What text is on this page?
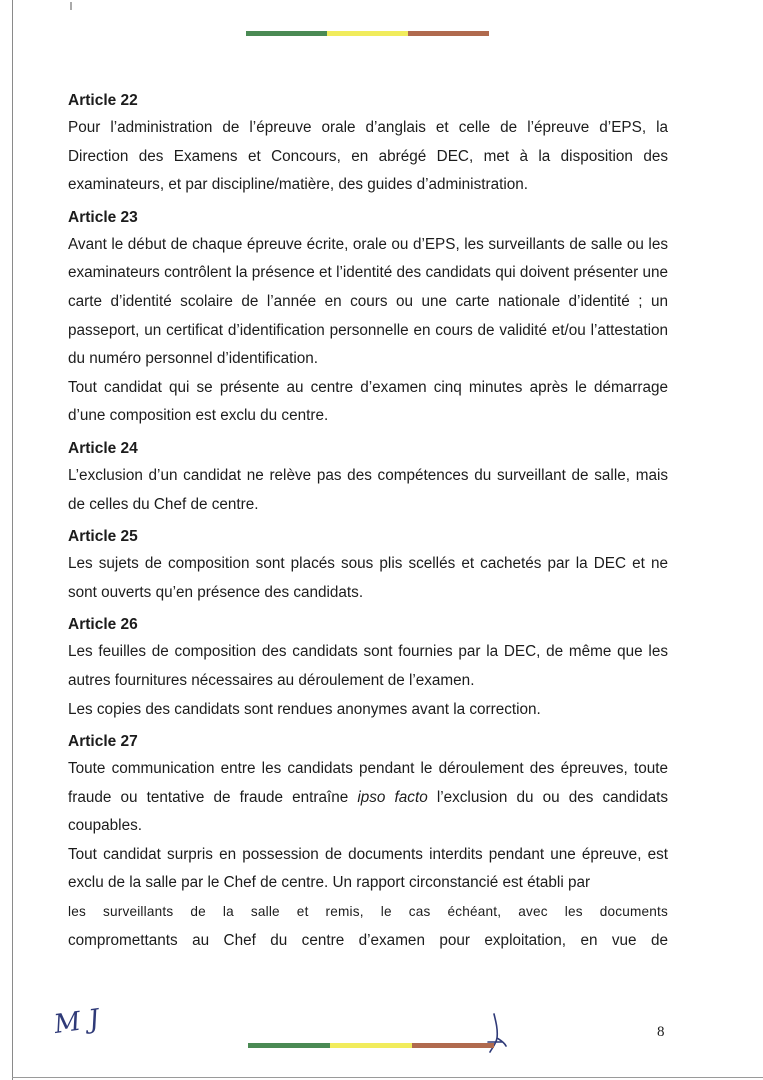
Article 22

Pour l’administration de l’épreuve orale d’anglais et celle de l’épreuve d’EPS, la Direction des Examens et Concours, en abrégé DEC, met à la disposition des examinateurs, et par discipline/matière, des guides d’administration.

Article 23

Avant le début de chaque épreuve écrite, orale ou d’EPS, les surveillants de salle ou les examinateurs contrôlent la présence et l’identité des candidats qui doivent présenter une carte d’identité scolaire de l’année en cours ou une carte nationale d’identité ; un passeport, un certificat d’identification personnelle en cours de validité et/ou l’attestation du numéro personnel d’identification.

Tout candidat qui se présente au centre d’examen cinq minutes après le démarrage d’une composition est exclu du centre.

Article 24

L’exclusion d’un candidat ne relève pas des compétences du surveillant de salle, mais de celles du Chef de centre.

Article 25

Les sujets de composition sont placés sous plis scellés et cachetés par la DEC et ne sont ouverts qu’en présence des candidats.

Article 26

Les feuilles de composition des candidats sont fournies par la DEC, de même que les autres fournitures nécessaires au déroulement de l’examen.

Les copies des candidats sont rendues anonymes avant la correction.

Article 27

Toute communication entre les candidats pendant le déroulement des épreuves, toute fraude ou tentative de fraude entraîne ipso facto l’exclusion du ou des candidats coupables.

Tout candidat surpris en possession de documents interdits pendant une épreuve, est exclu de la salle par le Chef de centre. Un rapport circonstancié est établi par

les surveillants de la salle et remis, le cas échéant, avec les documents

compromettants au Chef du centre d’examen pour exploitation, en vue de

M J	8
